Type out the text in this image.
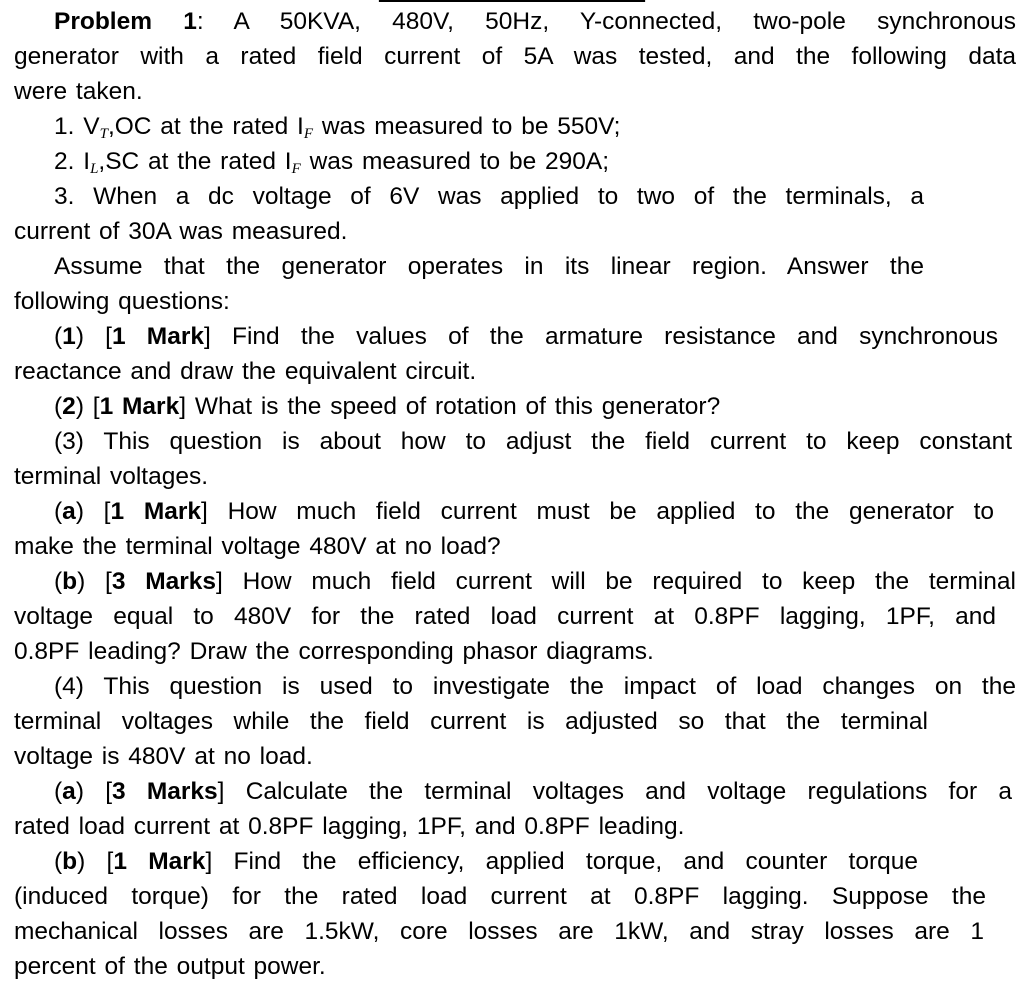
Problem 1: A 50KVA, 480V, 50Hz, Y-connected, two-pole synchronous
generator with a rated field current of 5A was tested, and the following data
were taken.
1. $V_T,OC$ at the rated $I_F$ was measured to be 550V;
2. $I_L,SC$ at the rated $I_F$ was measured to be 290A;
3. When a dc voltage of 6V was applied to two of the terminals, a
current of 30A was measured.
Assume that the generator operates in its linear region. Answer the
following questions:
(1) [1 Mark] Find the values of the armature resistance and synchronous
reactance and draw the equivalent circuit.
(2) [1 Mark] What is the speed of rotation of this generator?
(3) This question is about how to adjust the field current to keep constant
terminal voltages.
(a) [1 Mark] How much field current must be applied to the generator to
make the terminal voltage 480V at no load?
(b) [3 Marks] How much field current will be required to keep the terminal
voltage equal to 480V for the rated load current at 0.8PF lagging, 1PF, and
0.8PF leading? Draw the corresponding phasor diagrams.
(4) This question is used to investigate the impact of load changes on the
terminal voltages while the field current is adjusted so that the terminal
voltage is 480V at no load.
(a) [3 Marks] Calculate the terminal voltages and voltage regulations for a
rated load current at 0.8PF lagging, 1PF, and 0.8PF leading.
(b) [1 Mark] Find the efficiency, applied torque, and counter torque
(induced torque) for the rated load current at 0.8PF lagging. Suppose the
mechanical losses are 1.5kW, core losses are 1kW, and stray losses are 1
percent of the output power.
